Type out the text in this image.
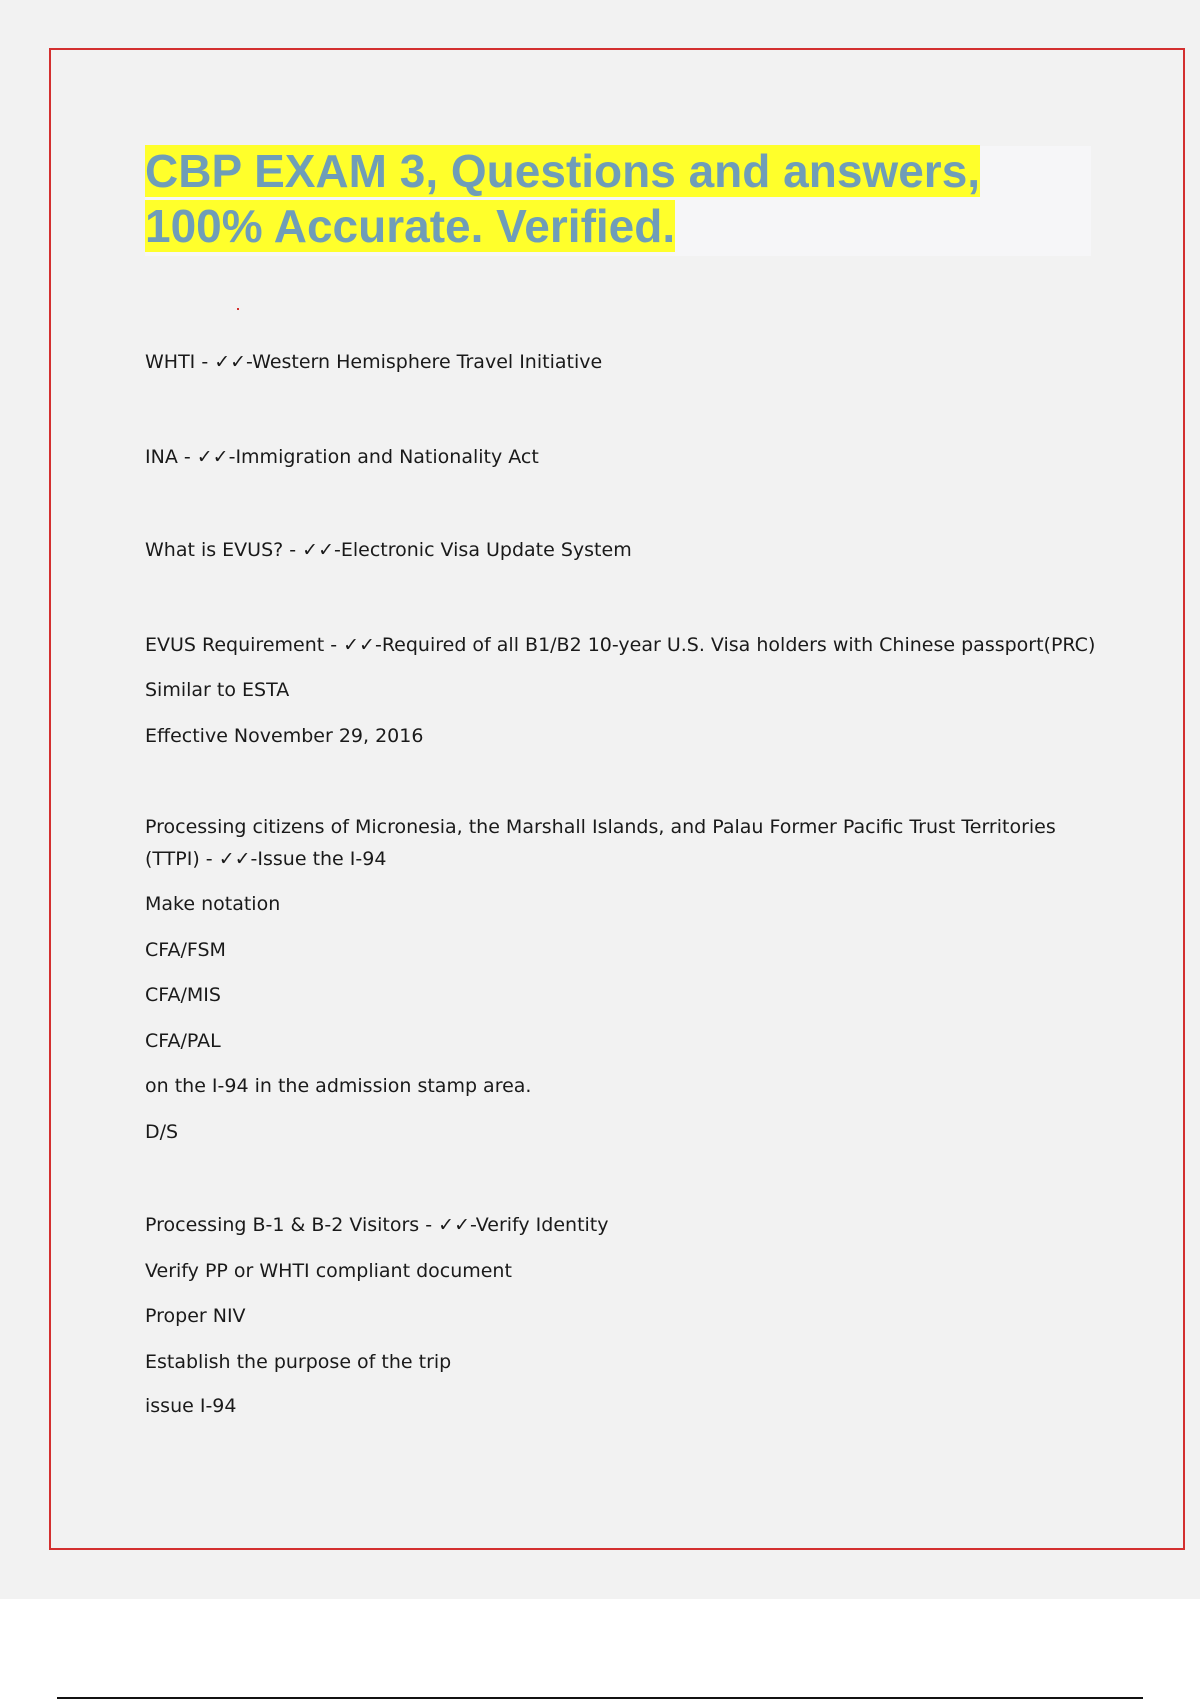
CBP EXAM 3, Questions and answers, 100% Accurate. Verified.

WHTI - ✓✓-Western Hemisphere Travel Initiative

INA - ✓✓-Immigration and Nationality Act

What is EVUS? - ✓✓-Electronic Visa Update System

EVUS Requirement - ✓✓-Required of all B1/B2 10-year U.S. Visa holders with Chinese passport(PRC)

Similar to ESTA

Effective November 29, 2016

Processing citizens of Micronesia, the Marshall Islands, and Palau Former Pacific Trust Territories (TTPI) - ✓✓-Issue the I-94

Make notation

CFA/FSM

CFA/MIS

CFA/PAL

on the I-94 in the admission stamp area.

D/S

Processing B-1 & B-2 Visitors - ✓✓-Verify Identity

Verify PP or WHTI compliant document

Proper NIV

Establish the purpose of the trip

issue I-94
